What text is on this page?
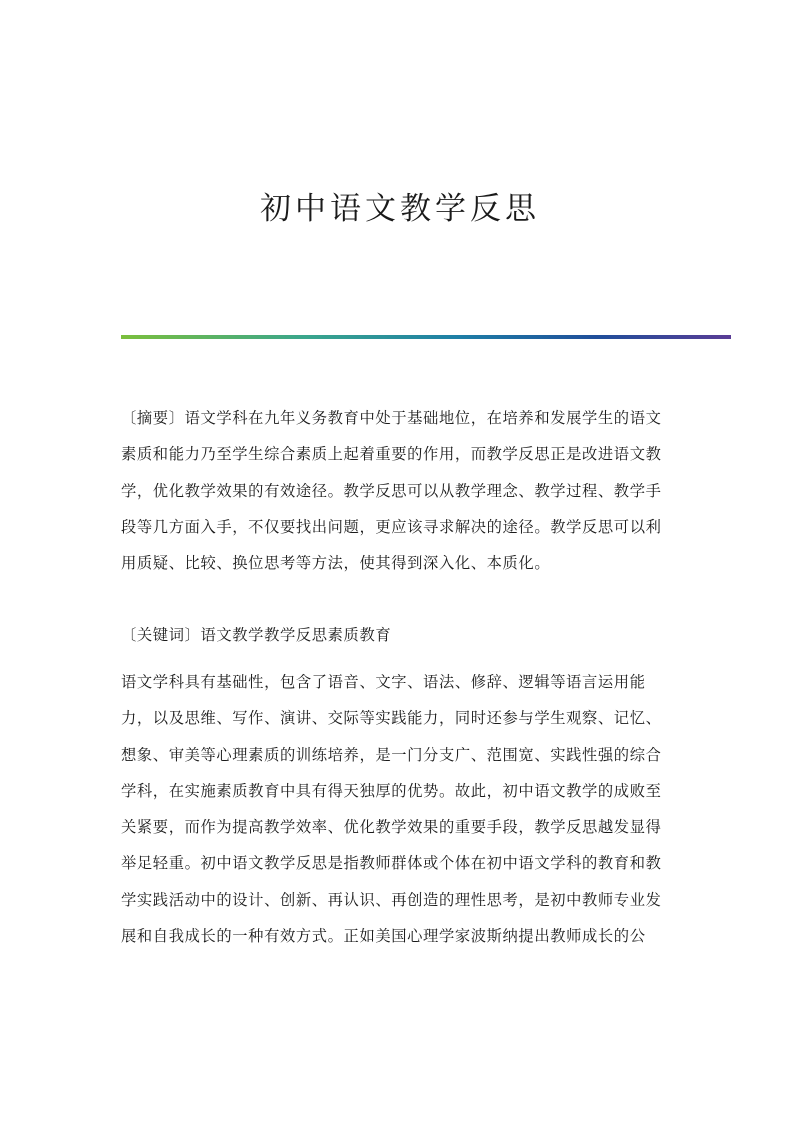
初中语文教学反思
〔摘要〕语文学科在九年义务教育中处于基础地位，在培养和发展学生的语文
素质和能力乃至学生综合素质上起着重要的作用，而教学反思正是改进语文教
学，优化教学效果的有效途径。教学反思可以从教学理念、教学过程、教学手
段等几方面入手，不仅要找出问题，更应该寻求解决的途径。教学反思可以利
用质疑、比较、换位思考等方法，使其得到深入化、本质化。
〔关键词〕语文教学教学反思素质教育
语文学科具有基础性，包含了语音、文字、语法、修辞、逻辑等语言运用能
力，以及思维、写作、演讲、交际等实践能力，同时还参与学生观察、记忆、
想象、审美等心理素质的训练培养，是一门分支广、范围宽、实践性强的综合
学科，在实施素质教育中具有得天独厚的优势。故此，初中语文教学的成败至
关紧要，而作为提高教学效率、优化教学效果的重要手段，教学反思越发显得
举足轻重。初中语文教学反思是指教师群体或个体在初中语文学科的教育和教
学实践活动中的设计、创新、再认识、再创造的理性思考，是初中教师专业发
展和自我成长的一种有效方式。正如美国心理学家波斯纳提出教师成长的公
